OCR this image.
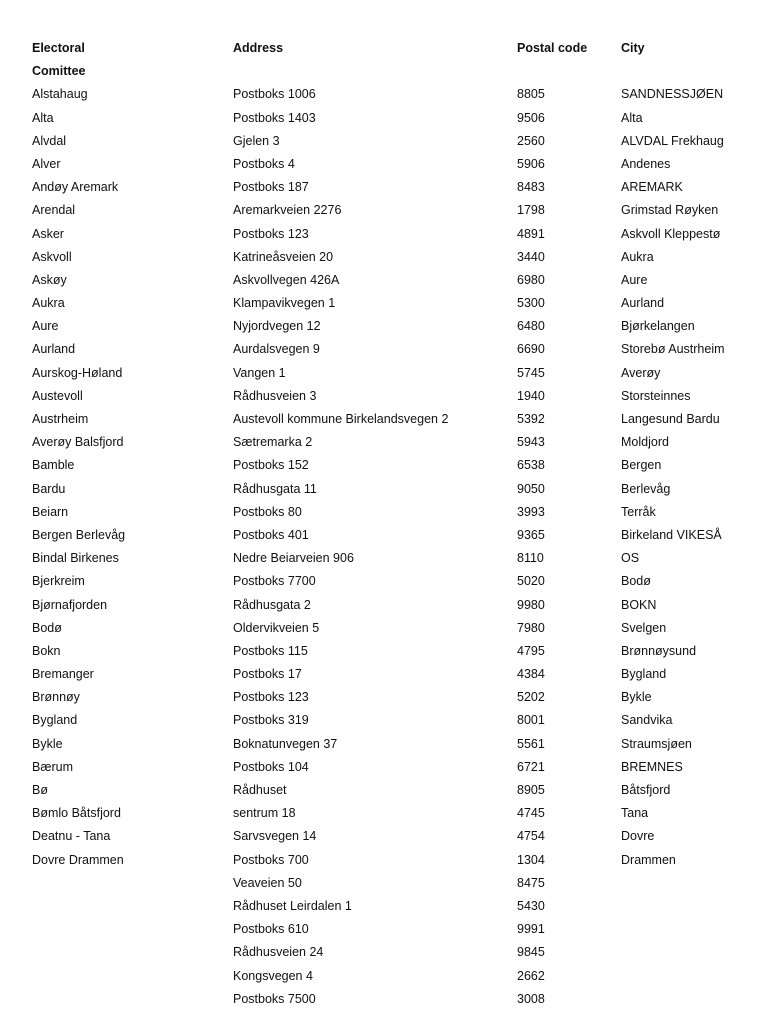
Electoral
Comittee
Alstahaug
Alta
Alvdal
Alver
Andøy Aremark
Arendal
Asker
Askvoll
Askøy
Aukra
Aure
Aurland
Aurskog-Høland
Austevoll
Austrheim
Averøy Balsfjord
Bamble
Bardu
Beiarn
Bergen Berlevåg
Bindal Birkenes
Bjerkreim
Bjørnafjorden
Bodø
Bokn
Bremanger
Brønnøy
Bygland
Bykle
Bærum
Bø
Bømlo Båtsfjord
Deatnu - Tana
Dovre Drammen
Address
Postboks 1006
Postboks 1403
Gjelen 3
Postboks 4
Postboks 187
Aremarkveien 2276
Postboks 123
Katrineåsveien 20
Askvollvegen 426A
Klampavikvegen 1
Nyjordvegen 12
Aurdalsvegen 9
Vangen 1
Rådhusveien 3
Austevoll kommune Birkelandsvegen 2
Sætremarka 2
Postboks 152
Rådhusgata 11
Postboks 80
Postboks 401
Nedre Beiarveien 906
Postboks 7700
Rådhusgata 2
Oldervikveien 5
Postboks 115
Postboks 17
Postboks 123
Postboks 319
Boknatunvegen 37
Postboks 104
Rådhuset
sentrum 18
Sarvsvegen 14
Postboks 700
Veaveien 50
Rådhuset Leirdalen 1
Postboks 610
Rådhusveien 24
Kongsvegen 4
Postboks 7500
Postal code
8805
9506
2560
5906
8483
1798
4891
3440
6980
5300
6480
6690
5745
1940
5392
5943
6538
9050
3993
9365
8110
5020
9980
7980
4795
4384
5202
8001
5561
6721
8905
4745
4754
1304
8475
5430
9991
9845
2662
3008
City
SANDNESSJØEN
Alta
ALVDAL Frekhaug
Andenes
AREMARK
Grimstad Røyken
Askvoll Kleppestø
Aukra
Aure
Aurland
Bjørkelangen
Storebø Austrheim
Averøy
Storsteinnes
Langesund Bardu
Moldjord
Bergen
Berlevåg
Terråk
Birkeland VIKESÅ
OS
Bodø
BOKN
Svelgen
Brønnøysund
Bygland
Bykle
Sandvika
Straumsjøen
BREMNES
Båtsfjord
Tana
Dovre
Drammen
